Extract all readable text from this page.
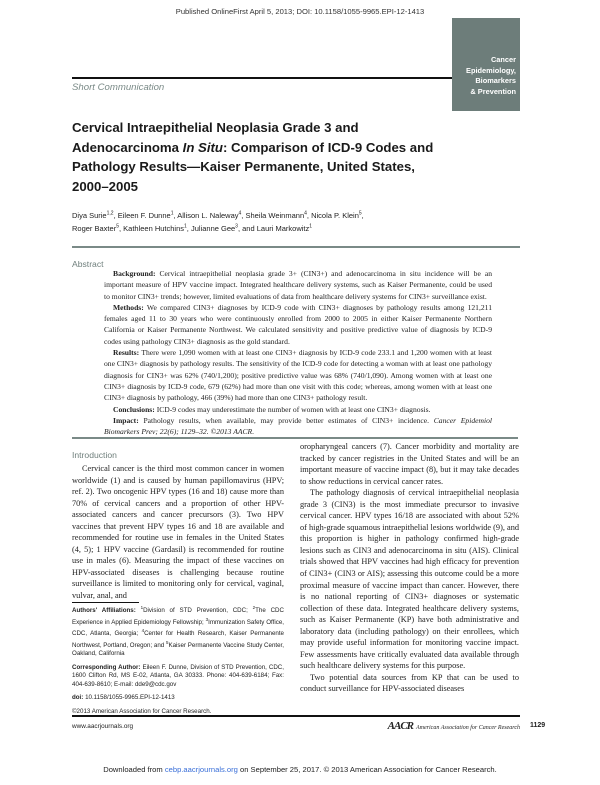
Published OnlineFirst April 5, 2013; DOI: 10.1158/1055-9965.EPI-12-1413
Cancer
Epidemiology,
Biomarkers
& Prevention
Short Communication
Cervical Intraepithelial Neoplasia Grade 3 and Adenocarcinoma In Situ: Comparison of ICD-9 Codes and Pathology Results—Kaiser Permanente, United States, 2000–2005
Diya Surie$^{1,2}$, Eileen F. Dunne$^1$, Allison L. Naleway$^4$, Sheila Weinmann$^4$, Nicola P. Klein$^5$,
Roger Baxter$^5$, Kathleen Hutchins$^1$, Julianne Gee$^3$, and Lauri Markowitz$^1$
Abstract

Background: Cervical intraepithelial neoplasia grade 3+ (CIN3+) and adenocarcinoma in situ incidence will be an important measure of HPV vaccine impact. Integrated healthcare delivery systems, such as Kaiser Permanente, could be used to monitor CIN3+ trends; however, limited evaluations of data from healthcare delivery systems for CIN3+ surveillance exist.

Methods: We compared CIN3+ diagnoses by ICD-9 code with CIN3+ diagnoses by pathology results among 121,211 females aged 11 to 30 years who were continuously enrolled from 2000 to 2005 in either Kaiser Permanente Northern California or Kaiser Permanente Northwest. We calculated sensitivity and positive predictive value of diagnosis by ICD-9 codes using pathology CIN3+ diagnosis as the gold standard.

Results: There were 1,090 women with at least one CIN3+ diagnosis by ICD-9 code 233.1 and 1,200 women with at least one CIN3+ diagnosis by pathology results. The sensitivity of the ICD-9 code for detecting a woman with at least one pathology diagnosis for CIN3+ was 62% (740/1,200); positive predictive value was 68% (740/1,090). Among women with at least one CIN3+ diagnosis by ICD-9 code, 679 (62%) had more than one visit with this code; whereas, among women with at least one CIN3+ diagnosis by pathology, 466 (39%) had more than one CIN3+ pathology result.

Conclusions: ICD-9 codes may underestimate the number of women with at least one CIN3+ diagnosis.

Impact: Pathology results, when available, may provide better estimates of CIN3+ incidence. Cancer Epidemiol Biomarkers Prev; 22(6); 1129–32. ©2013 AACR.

Introduction

Cervical cancer is the third most common cancer in women worldwide (1) and is caused by human papillomavirus (HPV; ref. 2). Two oncogenic HPV types (16 and 18) cause more than 70% of cervical cancers and a proportion of other HPV-associated cancers and cancer precursors (3). Two HPV vaccines that prevent HPV types 16 and 18 are available and recommended for routine use in females in the United States (4, 5); 1 HPV vaccine (Gardasil) is recommended for routine use in males (6). Measuring the impact of these vaccines on HPV-associated diseases is challenging because routine surveillance is limited to monitoring only for cervical, vaginal, vulvar, anal, and

oropharyngeal cancers (7). Cancer morbidity and mortality are tracked by cancer registries in the United States and will be an important measure of vaccine impact (8), but it may take decades to show reductions in cervical cancer rates.

The pathology diagnosis of cervical intraepithelial neoplasia grade 3 (CIN3) is the most immediate precursor to invasive cervical cancer. HPV types 16/18 are associated with about 52% of high-grade squamous intraepithelial lesions worldwide (9), and this proportion is higher in pathology confirmed high-grade lesions such as CIN3 and adenocarcinoma in situ (AIS). Clinical trials showed that HPV vaccines had high efficacy for prevention of CIN3+ (CIN3 or AIS); assessing this outcome could be a more proximal measure of vaccine impact than cancer. However, there is no national reporting of CIN3+ diagnoses or systematic collection of these data. Integrated healthcare delivery systems, such as Kaiser Permanente (KP) have both administrative and laboratory data (including pathology) on their enrollees, which may provide useful information for monitoring vaccine impact. Few assessments have critically evaluated data available through such healthcare delivery systems for this purpose.

Two potential data sources from KP that can be used to conduct surveillance for HPV-associated diseases

Authors' Affiliations: $^1$Division of STD Prevention, CDC; $^2$The CDC Experience in Applied Epidemiology Fellowship; $^3$Immunization Safety Office, CDC, Atlanta, Georgia; $^4$Center for Health Research, Kaiser Permanente Northwest, Portland, Oregon; and $^5$Kaiser Permanente Vaccine Study Center, Oakland, California

Corresponding Author: Eileen F. Dunne, Division of STD Prevention, CDC, 1600 Clifton Rd, MS E-02, Atlanta, GA 30333. Phone: 404-639-6184; Fax: 404-639-8610; E-mail: dde9@cdc.gov

doi: 10.1158/1055-9965.EPI-12-1413

©2013 American Association for Cancer Research.

www.aacrjournals.org	AACR American Association for Cancer Research 1129
Downloaded from cebp.aacrjournals.org on September 25, 2017. © 2013 American Association for Cancer Research.
